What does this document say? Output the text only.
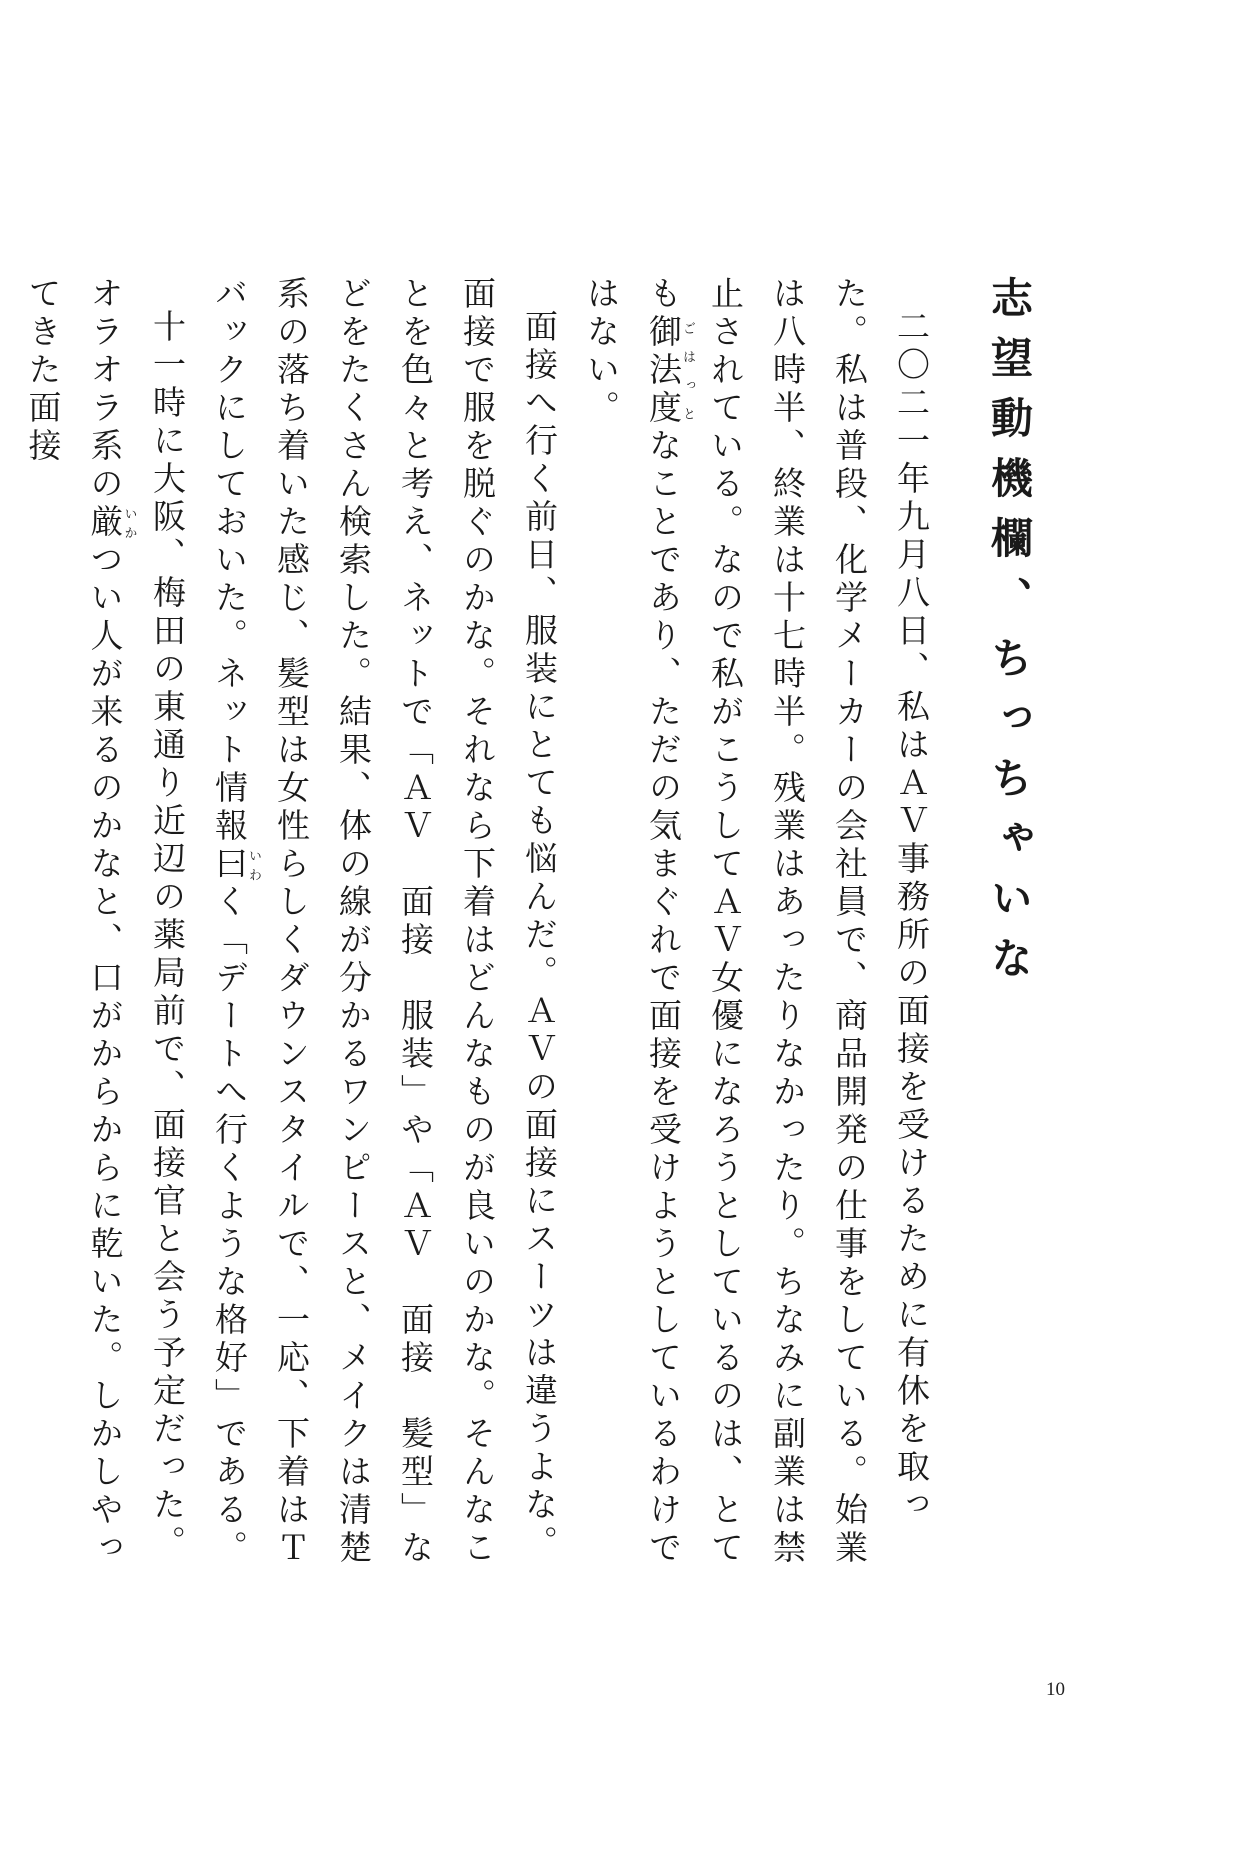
志望動機欄、ちっちゃいな

二〇二一年九月八日、私はＡＶ事務所の面接を受けるために有休を取った。私は普段、化学メーカーの会社員で、商品開発の仕事をしている。始業は八時半、終業は十七時半。残業はあったりなかったり。ちなみに副業は禁止されている。なので私がこうしてＡＶ女優になろうとしているのは、とても御法度ごはっとなことであり、ただの気まぐれで面接を受けようとしているわけではない。

面接へ行く前日、服装にとても悩んだ。ＡＶの面接にスーツは違うよな。面接で服を脱ぐのかな。それなら下着はどんなものが良いのかな。そんなことを色々と考え、ネットで「ＡＶ　面接　服装」や「ＡＶ　面接　髪型」などをたくさん検索した。結果、体の線が分かるワンピースと、メイクは清楚系の落ち着いた感じ、髪型は女性らしくダウンスタイルで、一応、下着はＴバックにしておいた。ネット情報曰いわく「デートへ行くような格好」である。

十一時に大阪、梅田の東通り近辺の薬局前で、面接官と会う予定だった。

オラオラ系の厳いかつい人が来るのかなと、口がからからに乾いた。しかしやってきた面接

10
